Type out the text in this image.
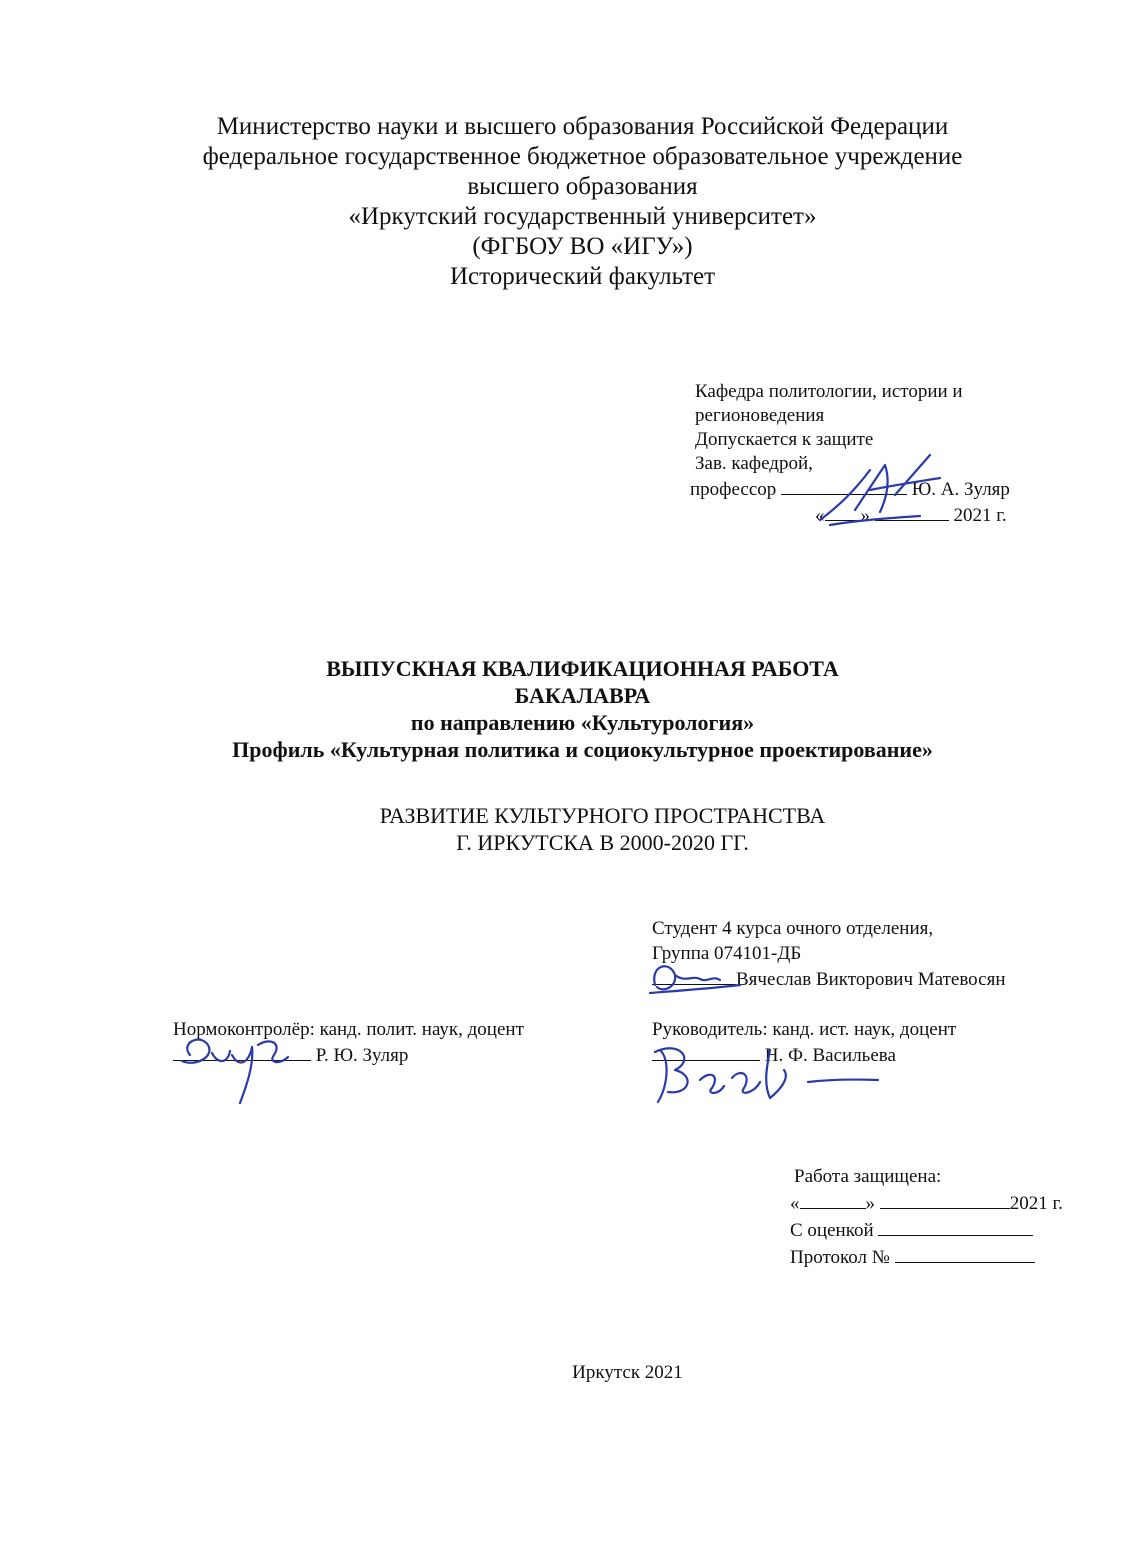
Министерство науки и высшего образования Российской Федерации
федеральное государственное бюджетное образовательное учреждение
высшего образования
«Иркутский государственный университет»
(ФГБОУ ВО «ИГУ»)
Исторический факультет
Кафедра политологии, истории и
регионоведения
Допускается к защите
Зав. кафедрой,
профессор	Ю. А. Зуляр
« »	2021 г.
ВЫПУСКНАЯ КВАЛИФИКАЦИОННАЯ РАБОТА
БАКАЛАВРА
по направлению «Культурология»
Профиль «Культурная политика и социокультурное проектирование»
РАЗВИТИЕ КУЛЬТУРНОГО ПРОСТРАНСТВА
Г. ИРКУТСКА В 2000-2020 ГГ.
Студент 4 курса очного отделения,
Группа 074101-ДБ
Вячеслав Викторович Матевосян
Нормоконтролёр: канд. полит. наук, доцент
Р. Ю. Зуляр
Руководитель: канд. ист. наук, доцент
Н. Ф. Васильева
Работа защищена:
«	»	2021 г.
С оценкой
Протокол №
Иркутск 2021
